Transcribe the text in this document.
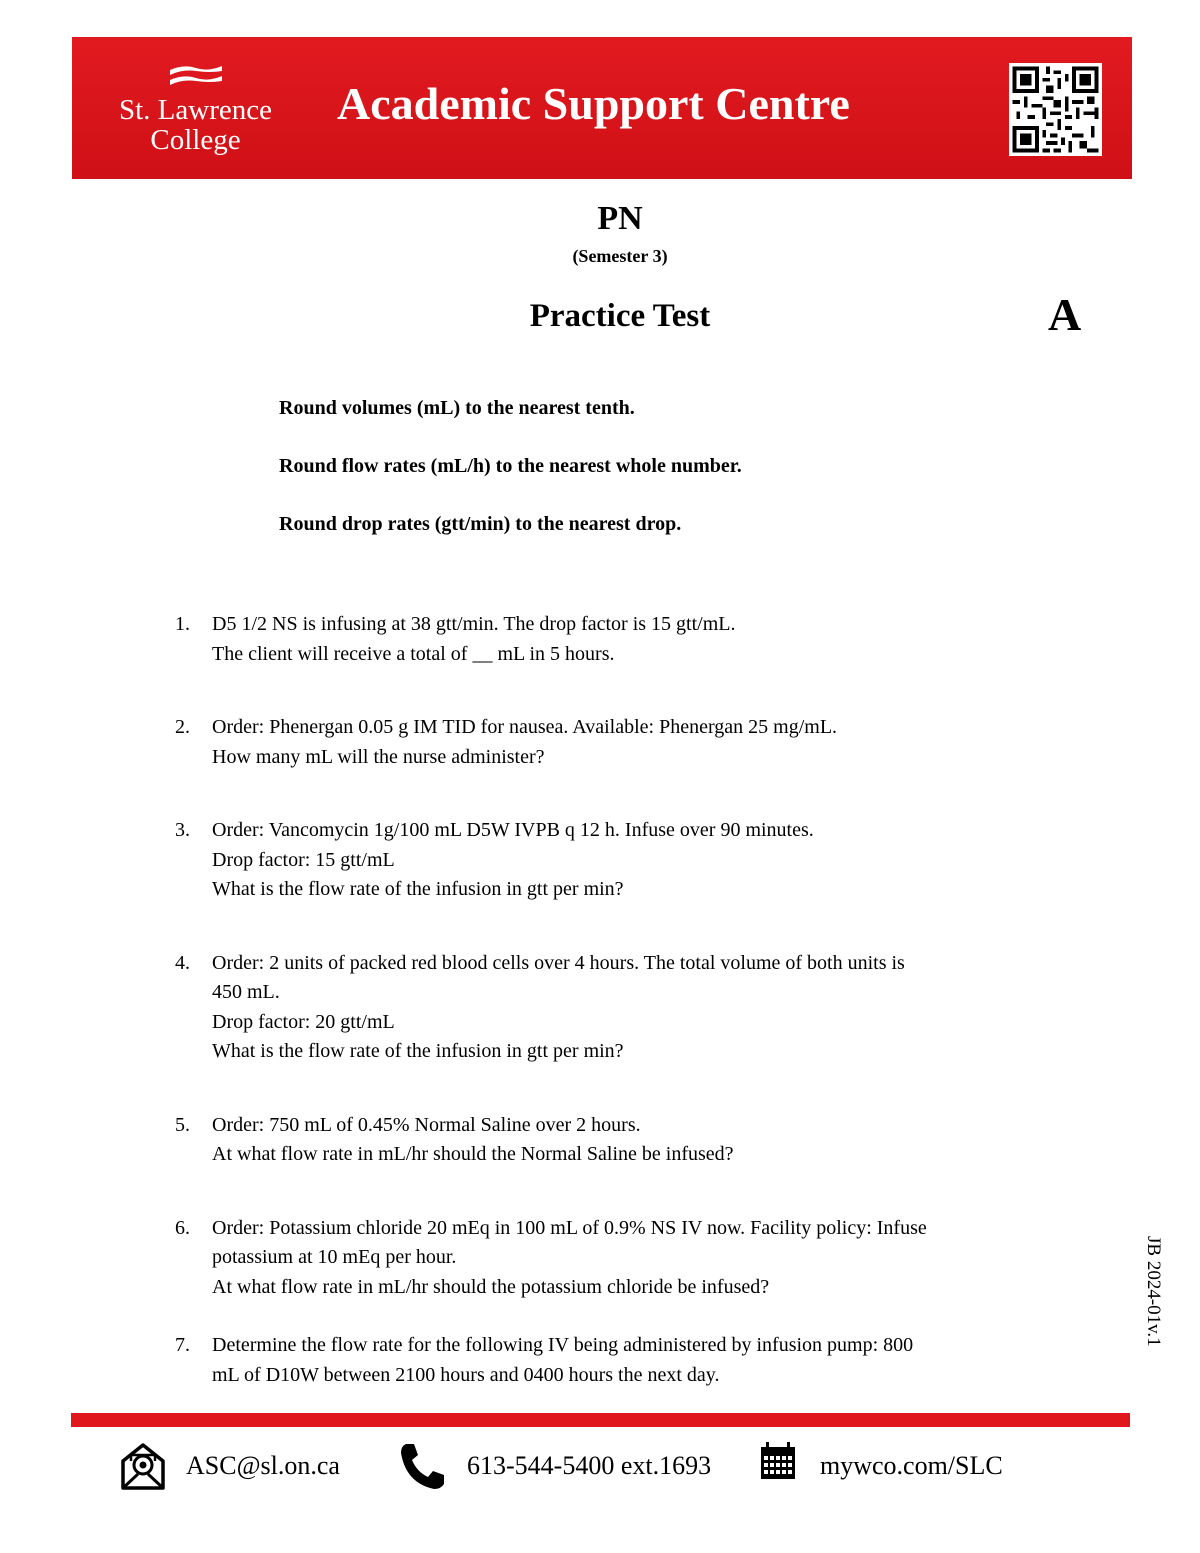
St. Lawrence
College
Academic Support Centre
PN
(Semester 3)
Practice Test	A
Round volumes (mL) to the nearest tenth.
Round flow rates (mL/h) to the nearest whole number.
Round drop rates (gtt/min) to the nearest drop.
1. D5 1/2 NS is infusing at 38 gtt/min. The drop factor is 15 gtt/mL.
The client will receive a total of __ mL in 5 hours.
2. Order: Phenergan 0.05 g IM TID for nausea. Available: Phenergan 25 mg/mL.
How many mL will the nurse administer?
3. Order: Vancomycin 1g/100 mL D5W IVPB q 12 h. Infuse over 90 minutes.
Drop factor: 15 gtt/mL
What is the flow rate of the infusion in gtt per min?
4. Order: 2 units of packed red blood cells over 4 hours. The total volume of both units is
450 mL.
Drop factor: 20 gtt/mL
What is the flow rate of the infusion in gtt per min?
5. Order: 750 mL of 0.45% Normal Saline over 2 hours.
At what flow rate in mL/hr should the Normal Saline be infused?
6. Order: Potassium chloride 20 mEq in 100 mL of 0.9% NS IV now. Facility policy: Infuse
potassium at 10 mEq per hour.
At what flow rate in mL/hr should the potassium chloride be infused?
7. Determine the flow rate for the following IV being administered by infusion pump: 800
mL of D10W between 2100 hours and 0400 hours the next day.
JB 2024-01v.1
ASC@sl.on.ca	613-544-5400 ext.1693	mywco.com/SLC
